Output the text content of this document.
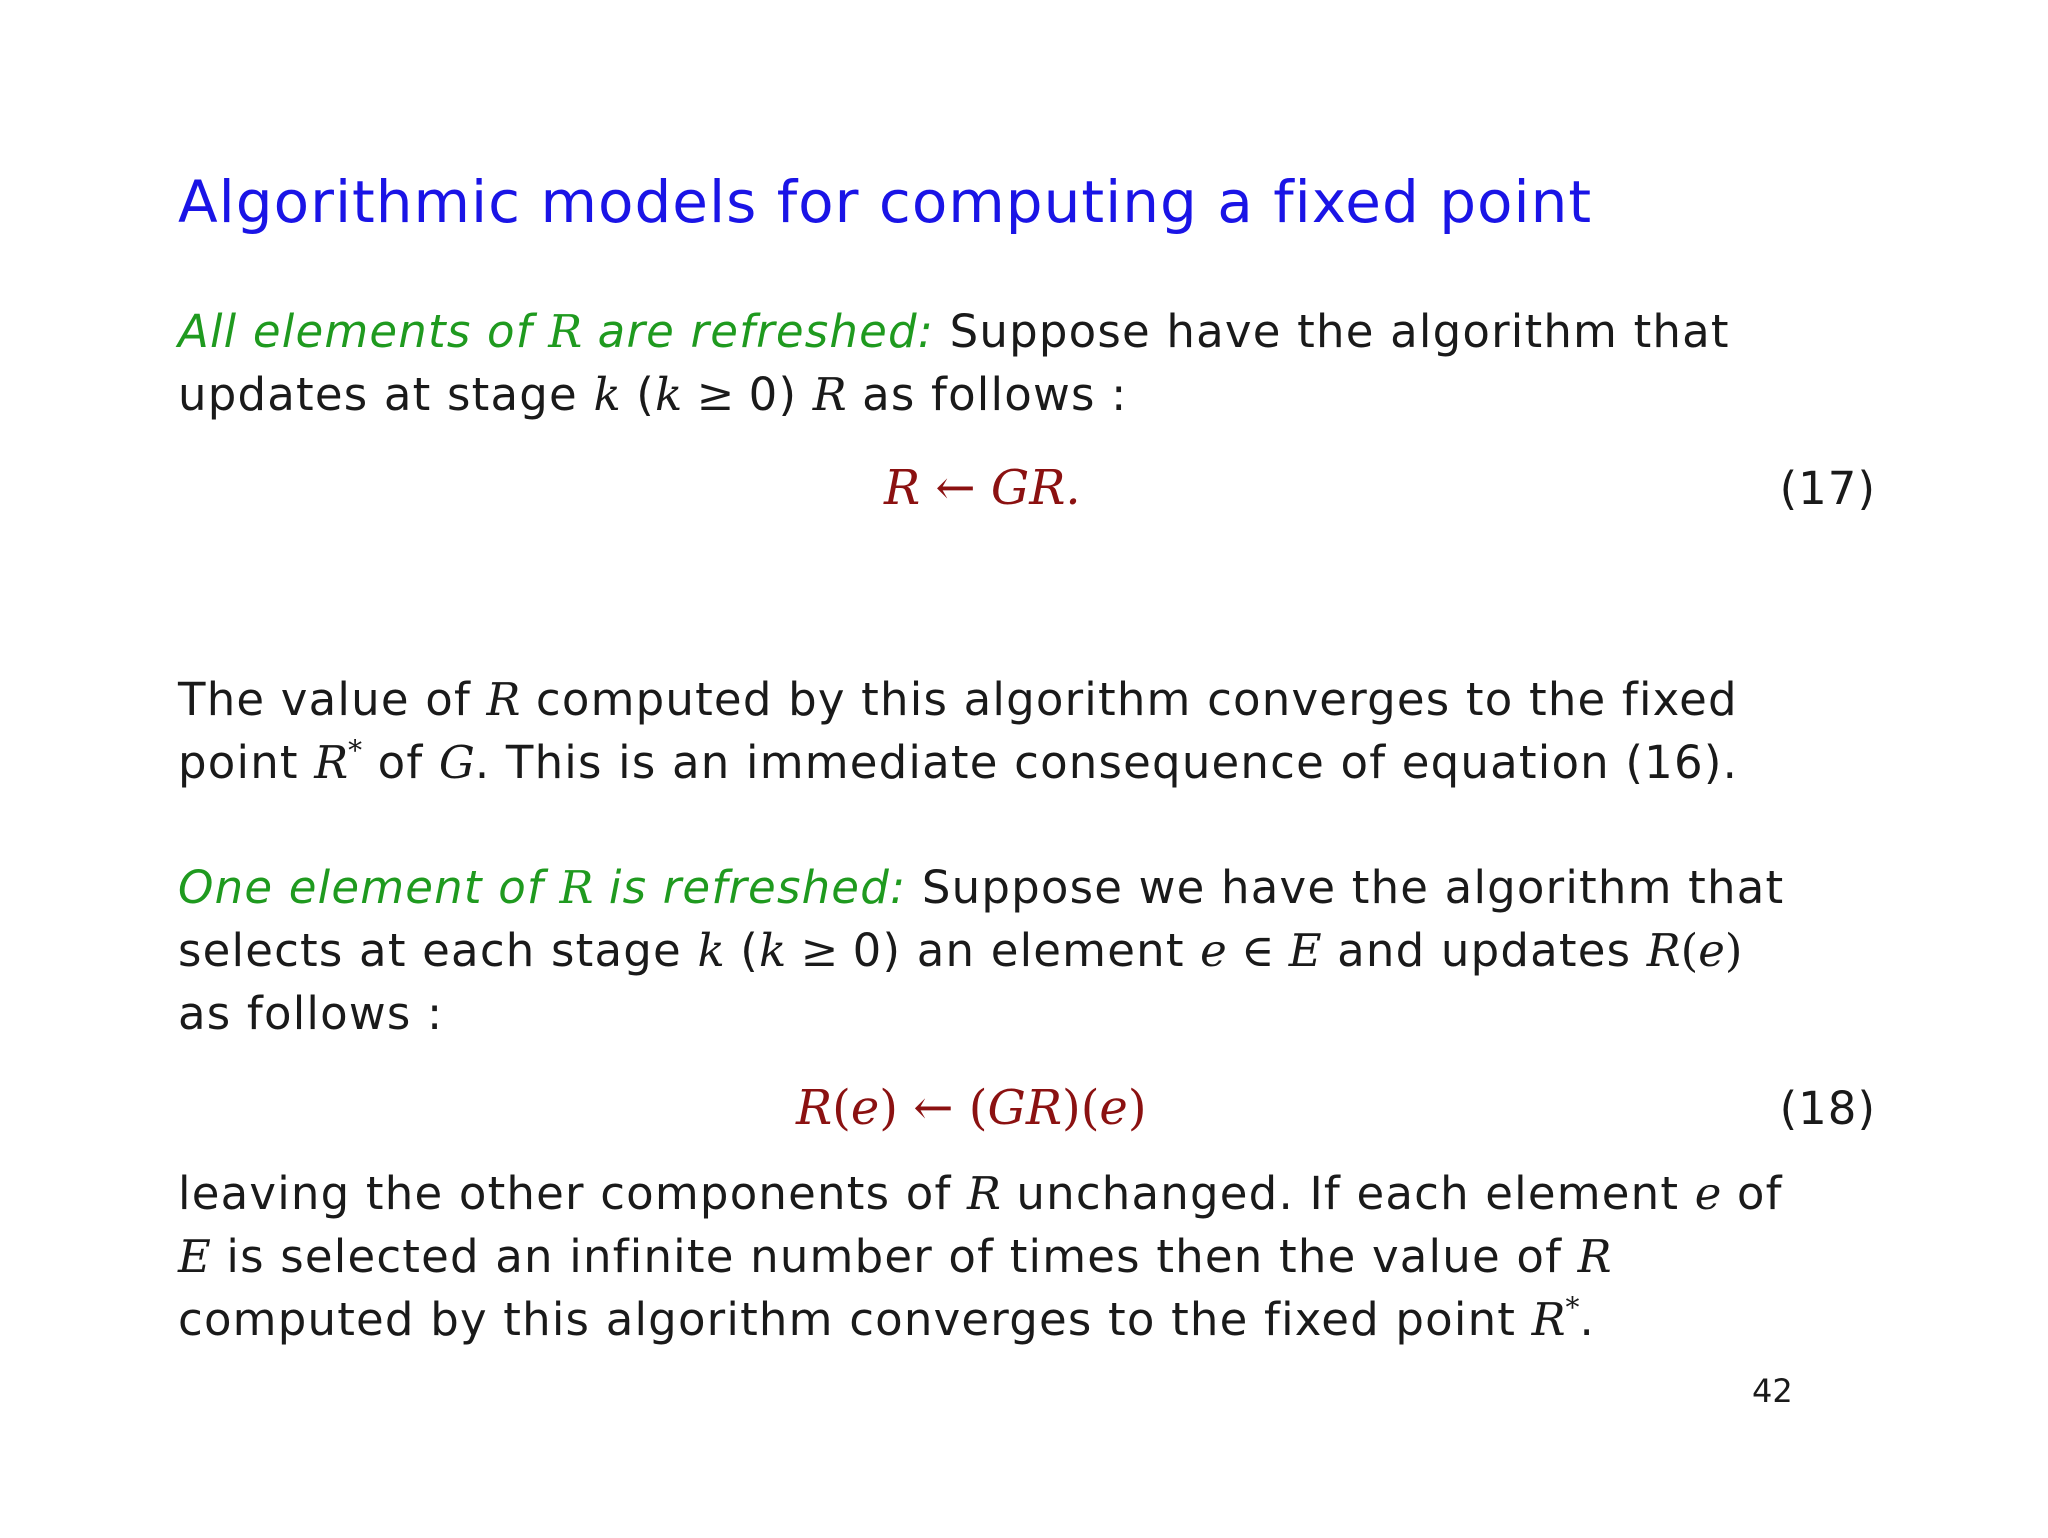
Algorithmic models for computing a fixed point
All elements of R are refreshed: Suppose have the algorithm that
updates at stage k (k ≥ 0) R as follows :
R ← GR.	(17)
The value of R computed by this algorithm converges to the fixed
point R* of G. This is an immediate consequence of equation (16).
One element of R is refreshed: Suppose we have the algorithm that
selects at each stage k (k ≥ 0) an element e ∈ E and updates R(e)
as follows :
R(e) ← (GR)(e)	(18)
leaving the other components of R unchanged. If each element e of
E is selected an infinite number of times then the value of R
computed by this algorithm converges to the fixed point R*.
42
